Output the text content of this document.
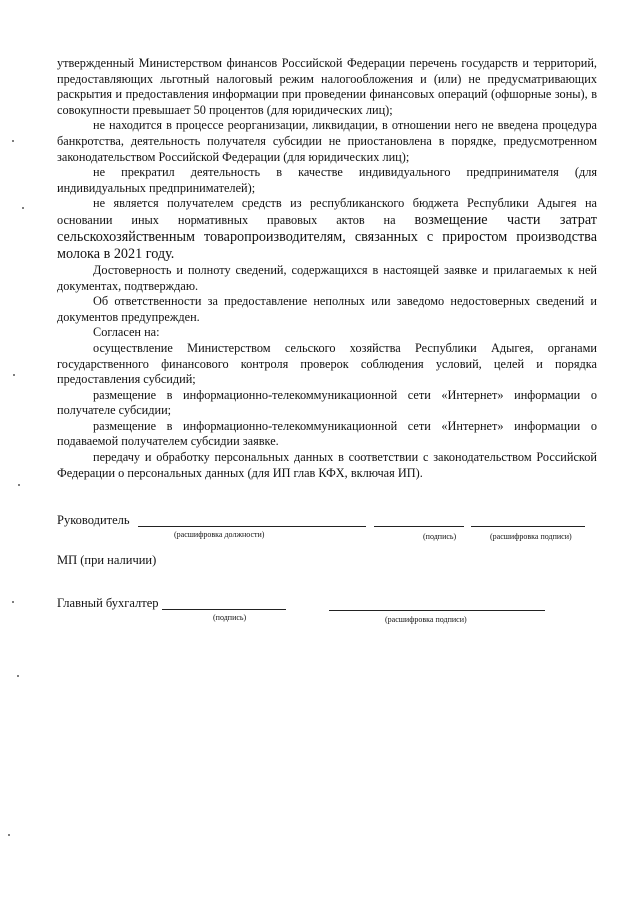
утвержденный Министерством финансов Российской Федерации перечень государств и территорий, предоставляющих льготный налоговый режим налогообложения и (или) не предусматривающих раскрытия и предоставления информации при проведении финансовых операций (офшорные зоны), в совокупности превышает 50 процентов (для юридических лиц);

не находится в процессе реорганизации, ликвидации, в отношении него не введена процедура банкротства, деятельность получателя субсидии не приостановлена в порядке, предусмотренном законодательством Российской Федерации (для юридических лиц);

не прекратил деятельность в качестве индивидуального предпринимателя (для индивидуальных предпринимателей);

не является получателем средств из республиканского бюджета Республики Адыгея на основании иных нормативных правовых актов на возмещение части затрат сельскохозяйственным товаропроизводителям, связанных с приростом производства молока в 2021 году.

Достоверность и полноту сведений, содержащихся в настоящей заявке и прилагаемых к ней документах, подтверждаю.

Об ответственности за предоставление неполных или заведомо недостоверных сведений и документов предупрежден.

Согласен на:

осуществление Министерством сельского хозяйства Республики Адыгея, органами государственного финансового контроля проверок соблюдения условий, целей и порядка предоставления субсидий;

размещение в информационно-телекоммуникационной сети «Интернет» информации о получателе субсидии;

размещение в информационно-телекоммуникационной сети «Интернет» информации о подаваемой получателем субсидии заявке.

передачу и обработку персональных данных в соответствии с законодательством Российской Федерации о персональных данных (для ИП глав КФХ, включая ИП).

Руководитель
(расшифровка должности)	(подпись)	(расшифровка подписи)
МП (при наличии)
Главный бухгалтер
(подпись)	(расшифровка подписи)
